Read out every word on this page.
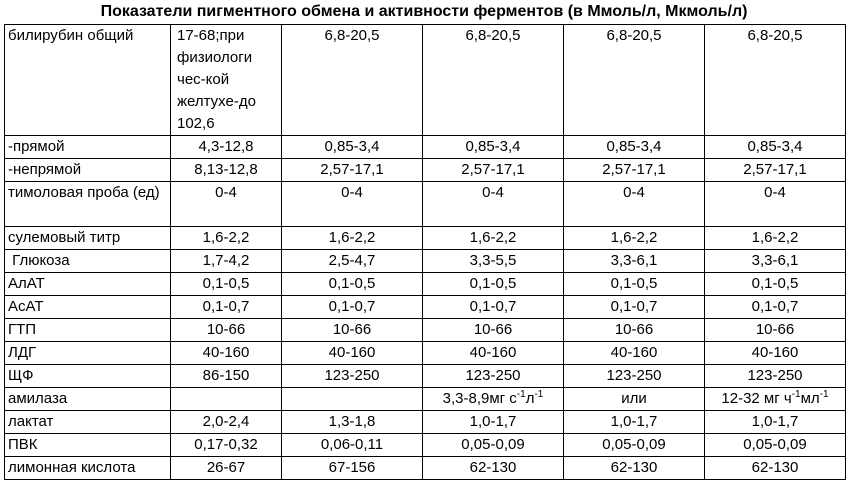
Показатели пигментного обмена и активности ферментов (в Ммоль/л, Мкмоль/л)
билирубин общий	17-68;при физиологи чес-кой желтухе-до 102,6	6,8-20,5	6,8-20,5	6,8-20,5	6,8-20,5
-прямой	4,3-12,8	0,85-3,4	0,85-3,4	0,85-3,4	0,85-3,4
-непрямой	8,13-12,8	2,57-17,1	2,57-17,1	2,57-17,1	2,57-17,1
тимоловая проба (ед)	0-4	0-4	0-4	0-4	0-4
сулемовый титр	1,6-2,2	1,6-2,2	1,6-2,2	1,6-2,2	1,6-2,2
Глюкоза	1,7-4,2	2,5-4,7	3,3-5,5	3,3-6,1	3,3-6,1
АлАТ	0,1-0,5	0,1-0,5	0,1-0,5	0,1-0,5	0,1-0,5
АсАТ	0,1-0,7	0,1-0,7	0,1-0,7	0,1-0,7	0,1-0,7
ГТП	10-66	10-66	10-66	10-66	10-66
ЛДГ	40-160	40-160	40-160	40-160	40-160
ЩФ	86-150	123-250	123-250	123-250	123-250
амилаза			3,3-8,9мг $с^{-1}л^{-1}$	или	12-32 мг $ч^{-1}мл^{-1}$
лактат	2,0-2,4	1,3-1,8	1,0-1,7	1,0-1,7	1,0-1,7
ПВК	0,17-0,32	0,06-0,11	0,05-0,09	0,05-0,09	0,05-0,09
лимонная кислота	26-67	67-156	62-130	62-130	62-130
